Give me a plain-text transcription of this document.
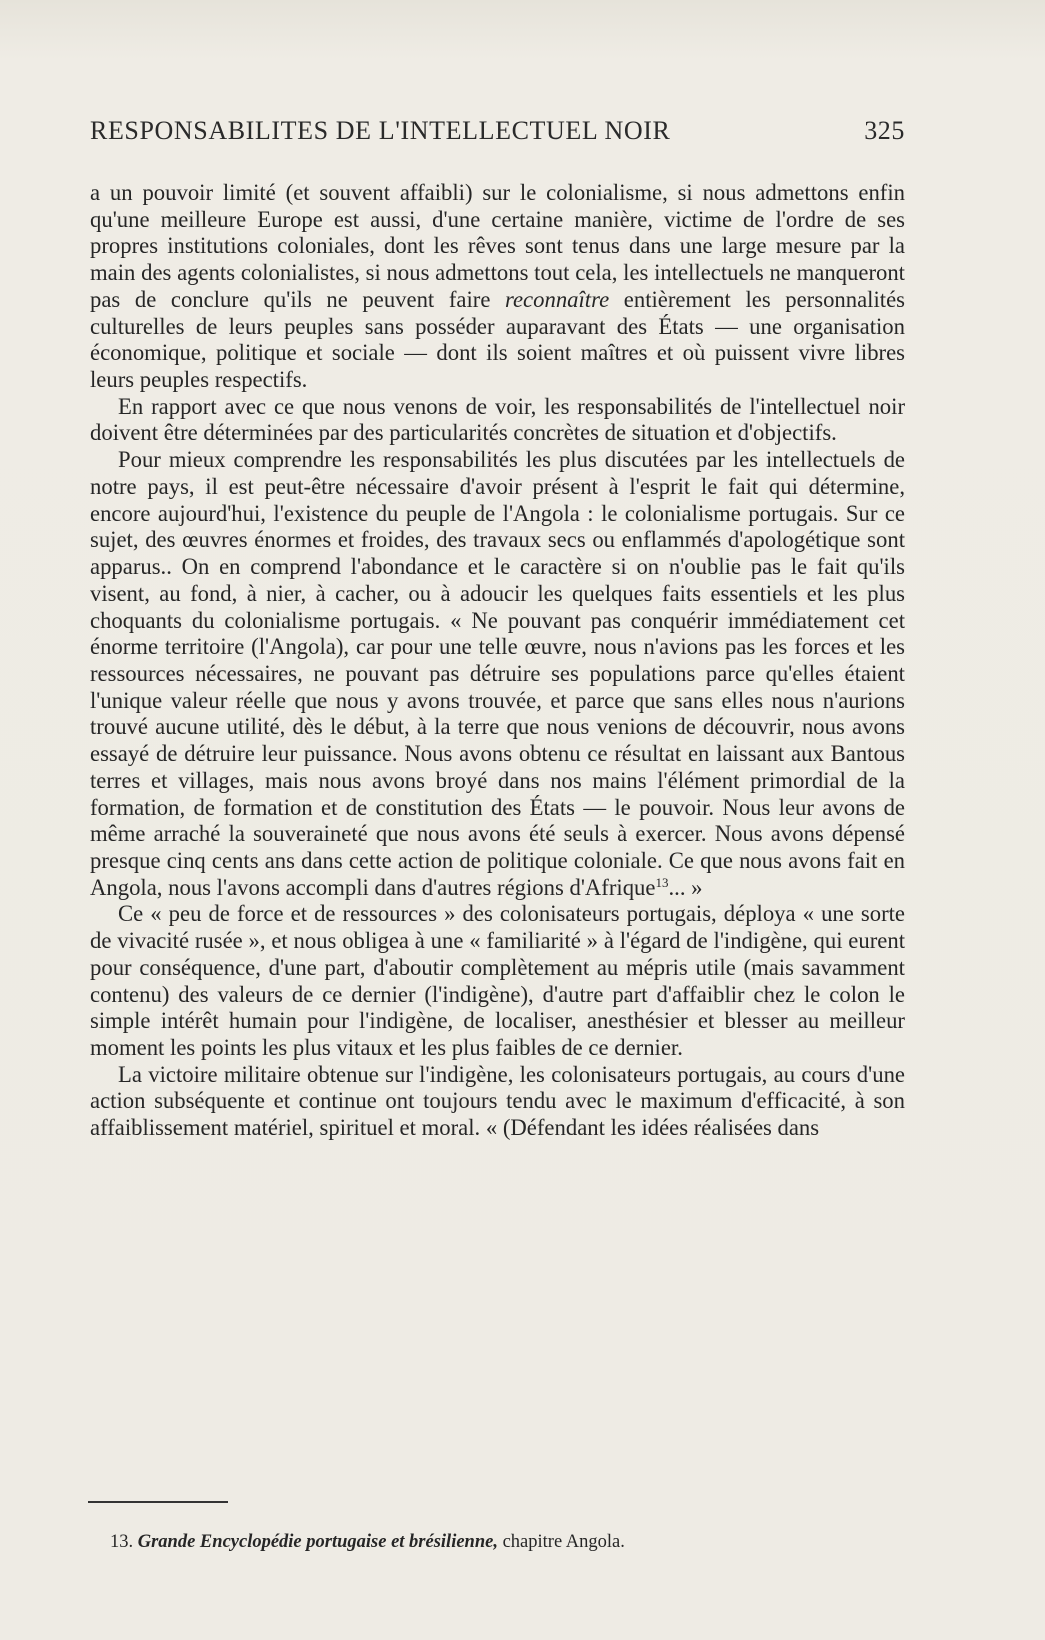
RESPONSABILITES DE L'INTELLECTUEL NOIR	325

a un pouvoir limité (et souvent affaibli) sur le colonialisme, si nous admettons enfin qu'une meilleure Europe est aussi, d'une certaine manière, victime de l'ordre de ses propres institutions coloniales, dont les rêves sont tenus dans une large mesure par la main des agents colonialistes, si nous admettons tout cela, les intellectuels ne manqueront pas de conclure qu'ils ne peuvent faire reconnaître entièrement les personnalités culturelles de leurs peuples sans posséder auparavant des États — une organisation économique, politique et sociale — dont ils soient maîtres et où puissent vivre libres leurs peuples respectifs.

En rapport avec ce que nous venons de voir, les responsabilités de l'intellectuel noir doivent être déterminées par des particularités concrètes de situation et d'objectifs.

Pour mieux comprendre les responsabilités les plus discutées par les intellectuels de notre pays, il est peut-être nécessaire d'avoir présent à l'esprit le fait qui détermine, encore aujourd'hui, l'existence du peuple de l'Angola : le colonialisme portugais. Sur ce sujet, des œuvres énormes et froides, des travaux secs ou enflammés d'apologétique sont apparus.. On en comprend l'abondance et le caractère si on n'oublie pas le fait qu'ils visent, au fond, à nier, à cacher, ou à adoucir les quelques faits essentiels et les plus choquants du colonialisme portugais. « Ne pouvant pas conquérir immédiatement cet énorme territoire (l'Angola), car pour une telle œuvre, nous n'avions pas les forces et les ressources nécessaires, ne pouvant pas détruire ses populations parce qu'elles étaient l'unique valeur réelle que nous y avons trouvée, et parce que sans elles nous n'aurions trouvé aucune utilité, dès le début, à la terre que nous venions de découvrir, nous avons essayé de détruire leur puissance. Nous avons obtenu ce résultat en laissant aux Bantous terres et villages, mais nous avons broyé dans nos mains l'élément primordial de la formation, de formation et de constitution des États — le pouvoir. Nous leur avons de même arraché la souveraineté que nous avons été seuls à exercer. Nous avons dépensé presque cinq cents ans dans cette action de politique coloniale. Ce que nous avons fait en Angola, nous l'avons accompli dans d'autres régions d'Afrique$^{13}$... »

Ce « peu de force et de ressources » des colonisateurs portugais, déploya « une sorte de vivacité rusée », et nous obligea à une « familiarité » à l'égard de l'indigène, qui eurent pour conséquence, d'une part, d'aboutir complètement au mépris utile (mais savamment contenu) des valeurs de ce dernier (l'indigène), d'autre part d'affaiblir chez le colon le simple intérêt humain pour l'indigène, de localiser, anesthésier et blesser au meilleur moment les points les plus vitaux et les plus faibles de ce dernier.

La victoire militaire obtenue sur l'indigène, les colonisateurs portugais, au cours d'une action subséquente et continue ont toujours tendu avec le maximum d'efficacité, à son affaiblissement matériel, spirituel et moral. « (Défendant les idées réalisées dans

13. Grande Encyclopédie portugaise et brésilienne, chapitre Angola.
